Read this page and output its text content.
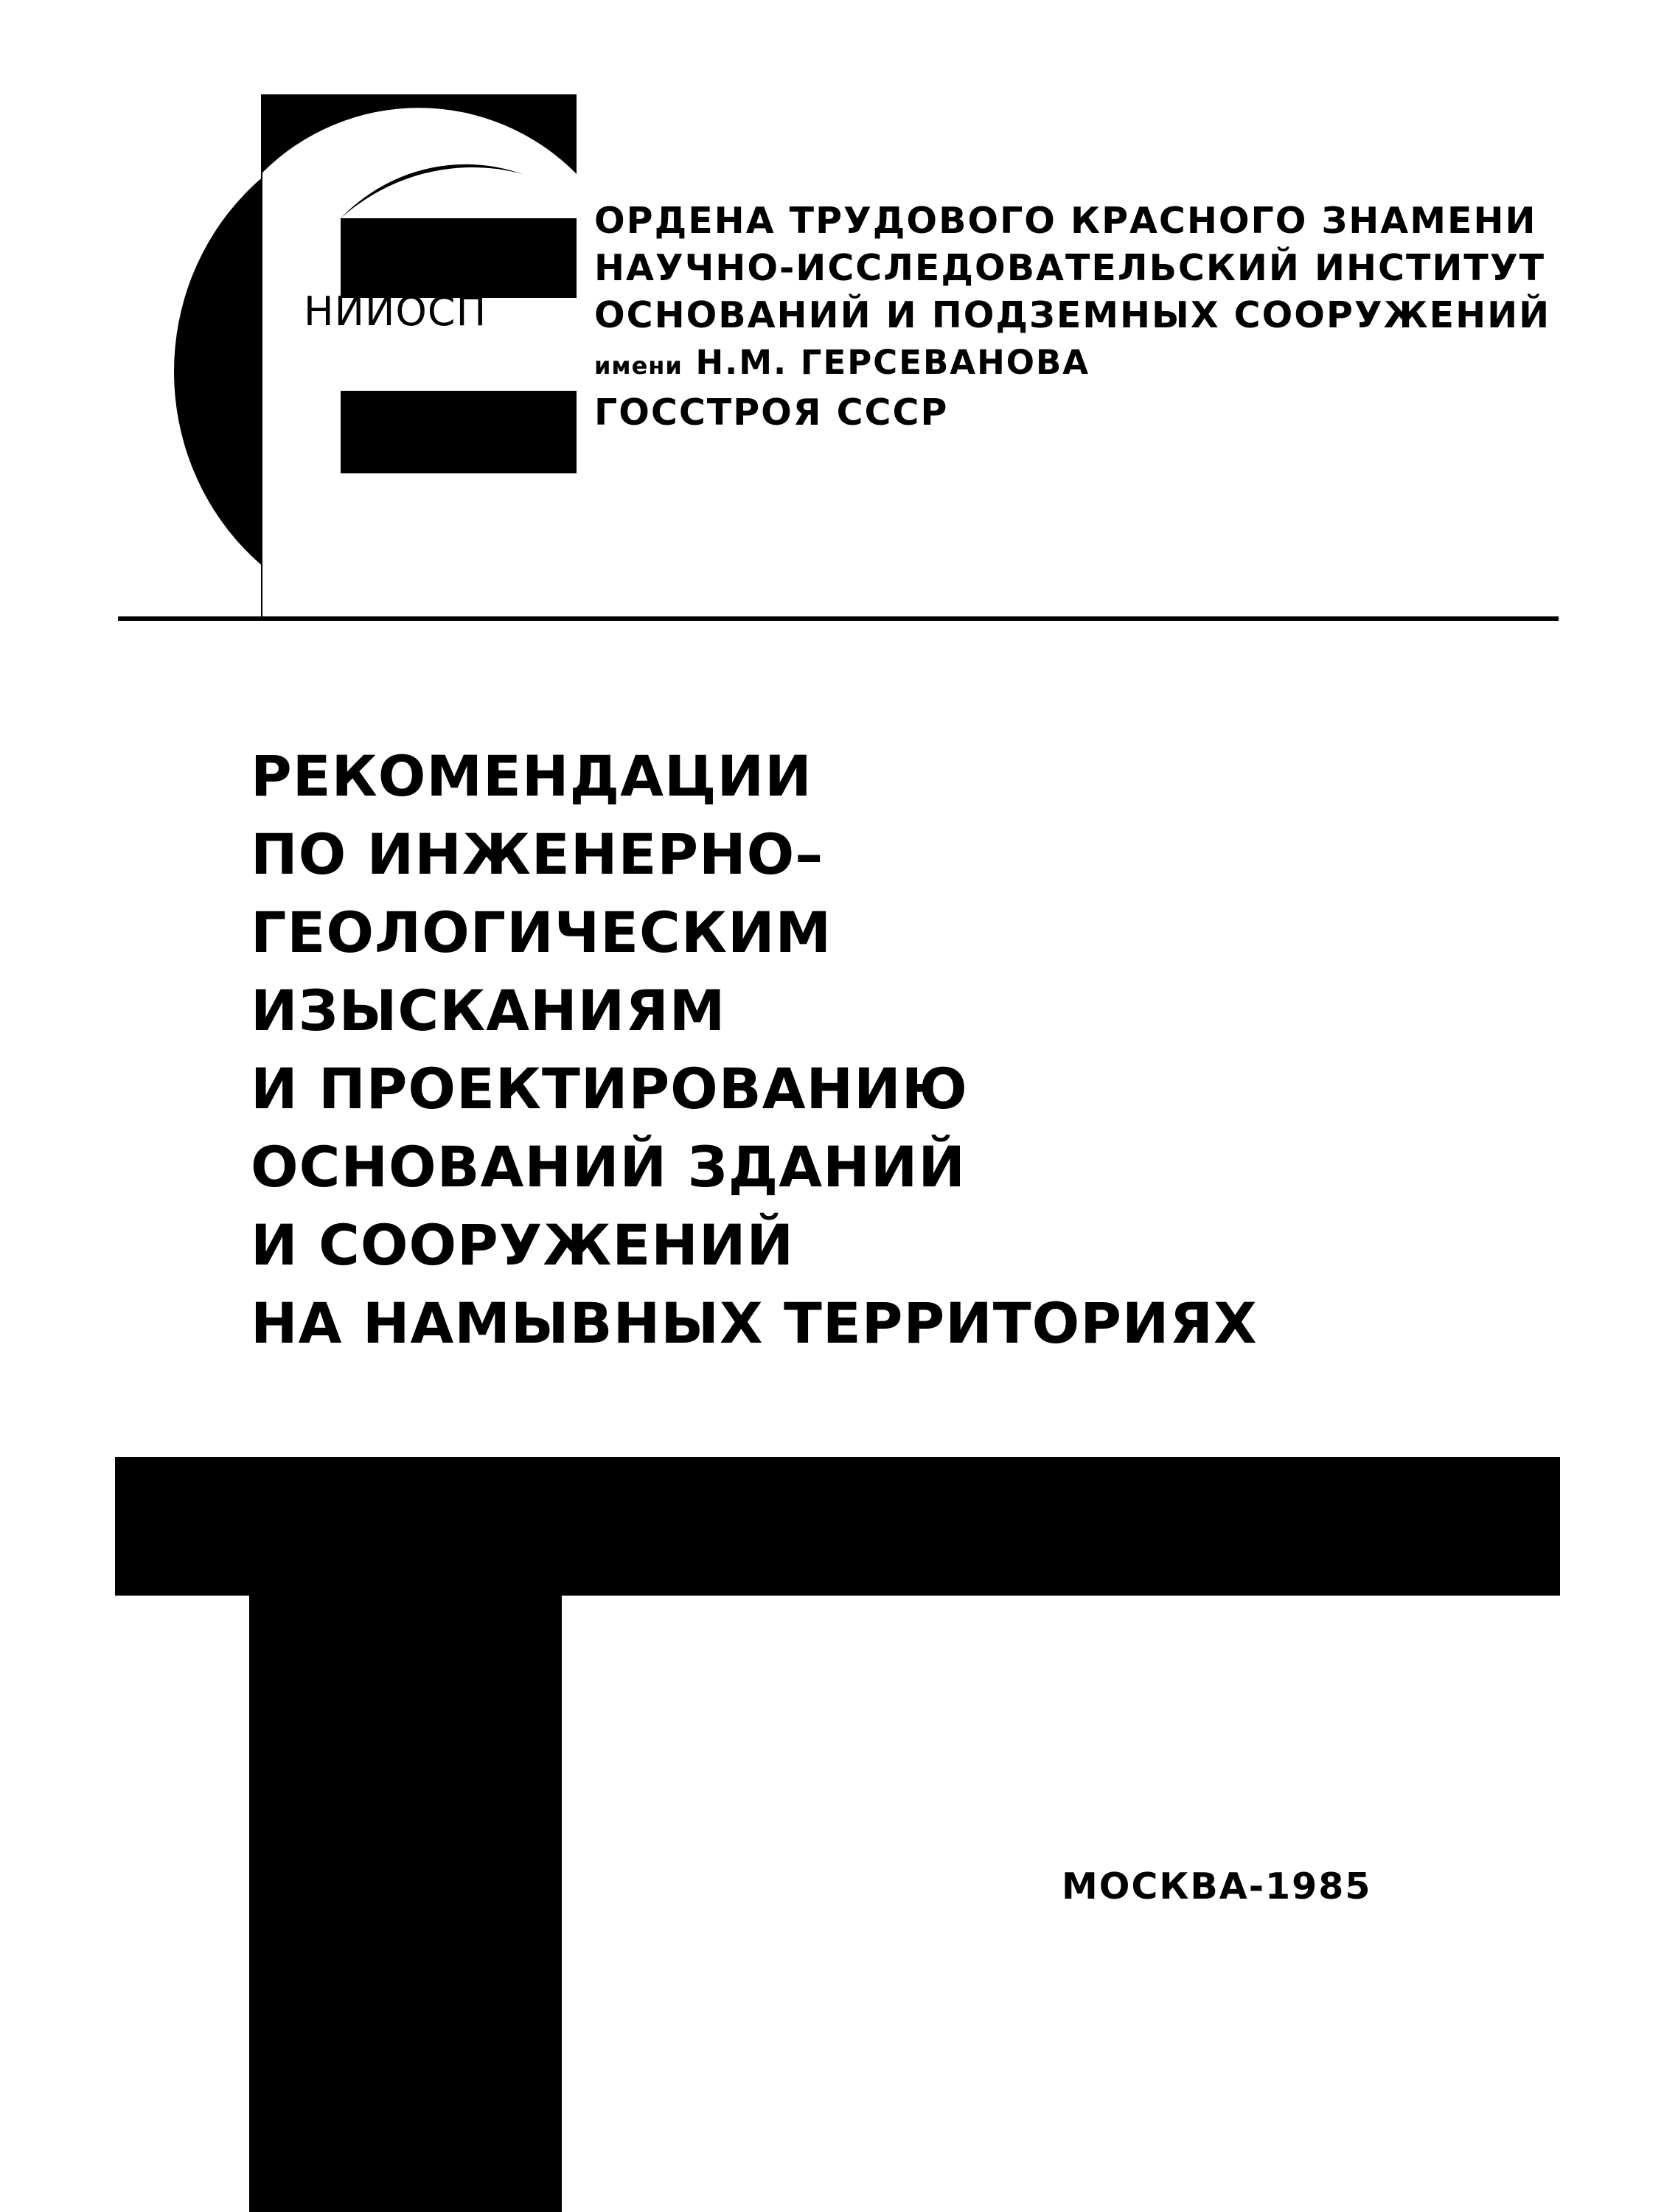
НИИОСП
ОРДЕНА ТРУДОВОГО КРАСНОГО ЗНАМЕНИ
НАУЧНО-ИССЛЕДОВАТЕЛЬСКИЙ ИНСТИТУТ
ОСНОВАНИЙ И ПОДЗЕМНЫХ СООРУЖЕНИЙ
имени Н.М. ГЕРСЕВАНОВА
ГОССТРОЯ СССР
РЕКОМЕНДАЦИИ
ПО ИНЖЕНЕРНО–
ГЕОЛОГИЧЕСКИМ
ИЗЫСКАНИЯМ
И ПРОЕКТИРОВАНИЮ
ОСНОВАНИЙ ЗДАНИЙ
И СООРУЖЕНИЙ
НА НАМЫВНЫХ ТЕРРИТОРИЯХ
МОСКВА-1985
